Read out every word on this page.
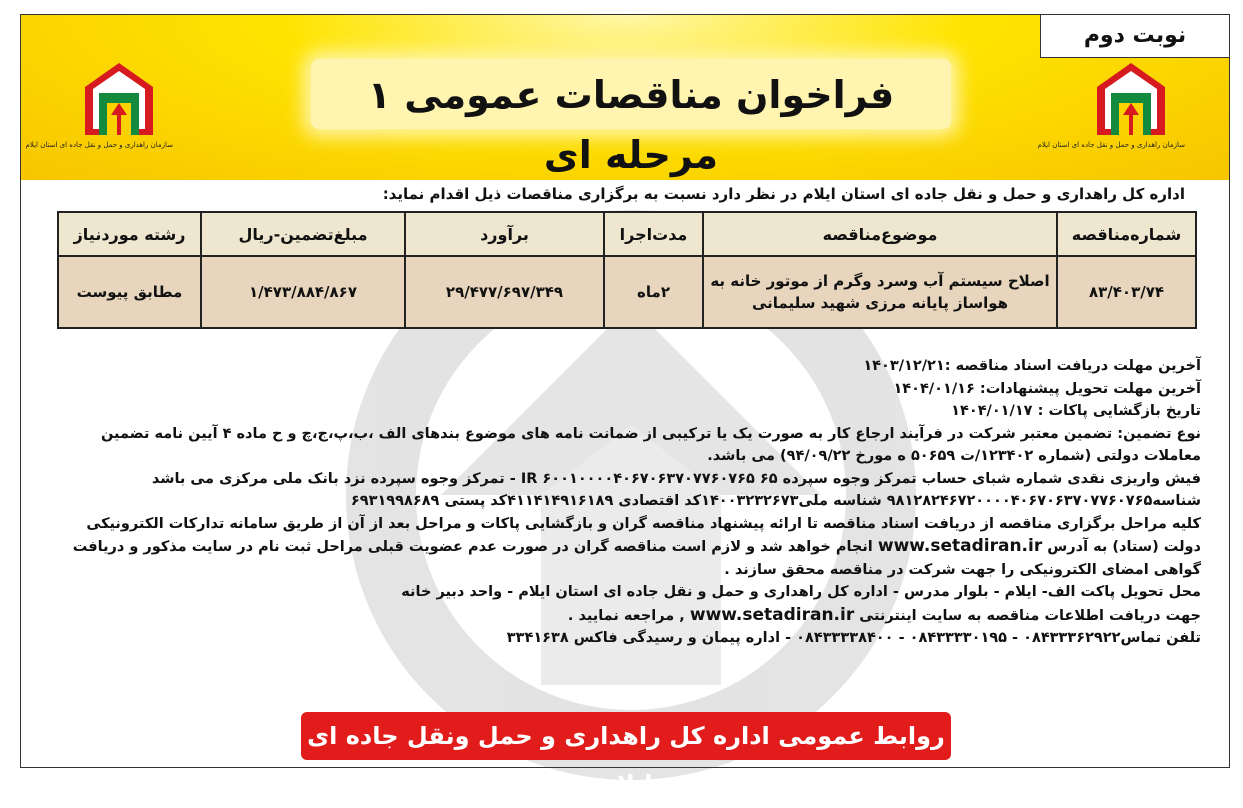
نوبت دوم
فراخوان مناقصات عمومی ۱ مرحله ای
سازمان راهداری و حمل و نقل جاده ای استان ایلام	سازمان راهداری و حمل و نقل جاده ای استان ایلام
اداره کل راهداری و حمل و نقل جاده ای استان ایلام در نظر دارد نسبت به برگزاری مناقصات ذیل اقدام نماید:
شماره‌مناقصه	موضوع‌مناقصه	مدت‌اجرا	برآورد	مبلغ‌تضمین-ریال	رشته مورد‌نیاز
۸۳/۴۰۳/۷۴	اصلاح سیستم آب وسرد وگرم از موتور خانه به هواساز پایانه مرزی شهید سلیمانی	۲ماه	۲۹/۴۷۷/۶۹۷/۳۴۹	۱/۴۷۳/۸۸۴/۸۶۷	مطابق پیوست

آخرین مهلت دریافت اسناد مناقصه :۱۴۰۳/۱۲/۲۱

آخرین مهلت تحویل پیشنهادات: ۱۴۰۴/۰۱/۱۶

تاریخ بازگشایی پاکات : ۱۴۰۴/۰۱/۱۷

نوع تضمین: تضمین معتبر شرکت در فرآیند ارجاع کار به صورت یک یا ترکیبی از ضمانت نامه های موضوع بندهای الف ،ب،پ،ج،چ و ح ماده ۴ آیین نامه تضمین معاملات دولتی (شماره ۱۲۳۴۰۲/ت ۵۰۶۵۹ ه مورخ ۹۴/۰۹/۲۲) می باشد.

فیش واریزی نقدی شماره شبای حساب تمرکز وجوه سپرده ۶۵ IR ۶۰۰۱۰۰۰۰۴۰۶۷۰۶۳۷۰۷۷۶۰۷۶۵ - تمرکز وجوه سپرده نزد بانک ملی مرکزی می باشد شناسه۹۸۱۲۸۲۴۶۷۲۰۰۰۰۴۰۶۷۰۶۳۷۰۷۷۶۰۷۶۵ شناسه ملی۱۴۰۰۳۲۳۲۶۷۳کد اقتصادی ۴۱۱۴۱۴۹۱۶۱۸۹کد پستی ۶۹۳۱۹۹۸۶۸۹

کلیه مراحل برگزاری مناقصه از دریافت اسناد مناقصه تا ارائه پیشنهاد مناقصه گران و بازگشایی پاکات و مراحل بعد از آن از طریق سامانه تدارکات الکترونیکی دولت (ستاد) به آدرس www.setadiran.ir انجام خواهد شد و لازم است مناقصه گران در صورت عدم عضویت قبلی مراحل ثبت نام در سایت مذکور و دریافت گواهی امضای الکترونیکی را جهت شرکت در مناقصه محقق سازند .

محل تحویل پاکت الف- ایلام - بلوار مدرس - اداره کل راهداری و حمل و نقل جاده ای استان ایلام - واحد دبیر خانه

جهت دریافت اطلاعات مناقصه به سایت اینترنتی www.setadiran.ir , مراجعه نمایید .

تلفن تماس۰۸۴۳۳۳۶۲۹۲۲ - ۰۸۴۳۳۳۳۰۱۹۵ - ۰۸۴۳۳۳۳۸۴۰۰ - اداره پیمان و رسیدگی فاکس ۳۳۴۱۶۳۸

روابط عمومی اداره کل راهداری و حمل ونقل جاده ای ایلام
